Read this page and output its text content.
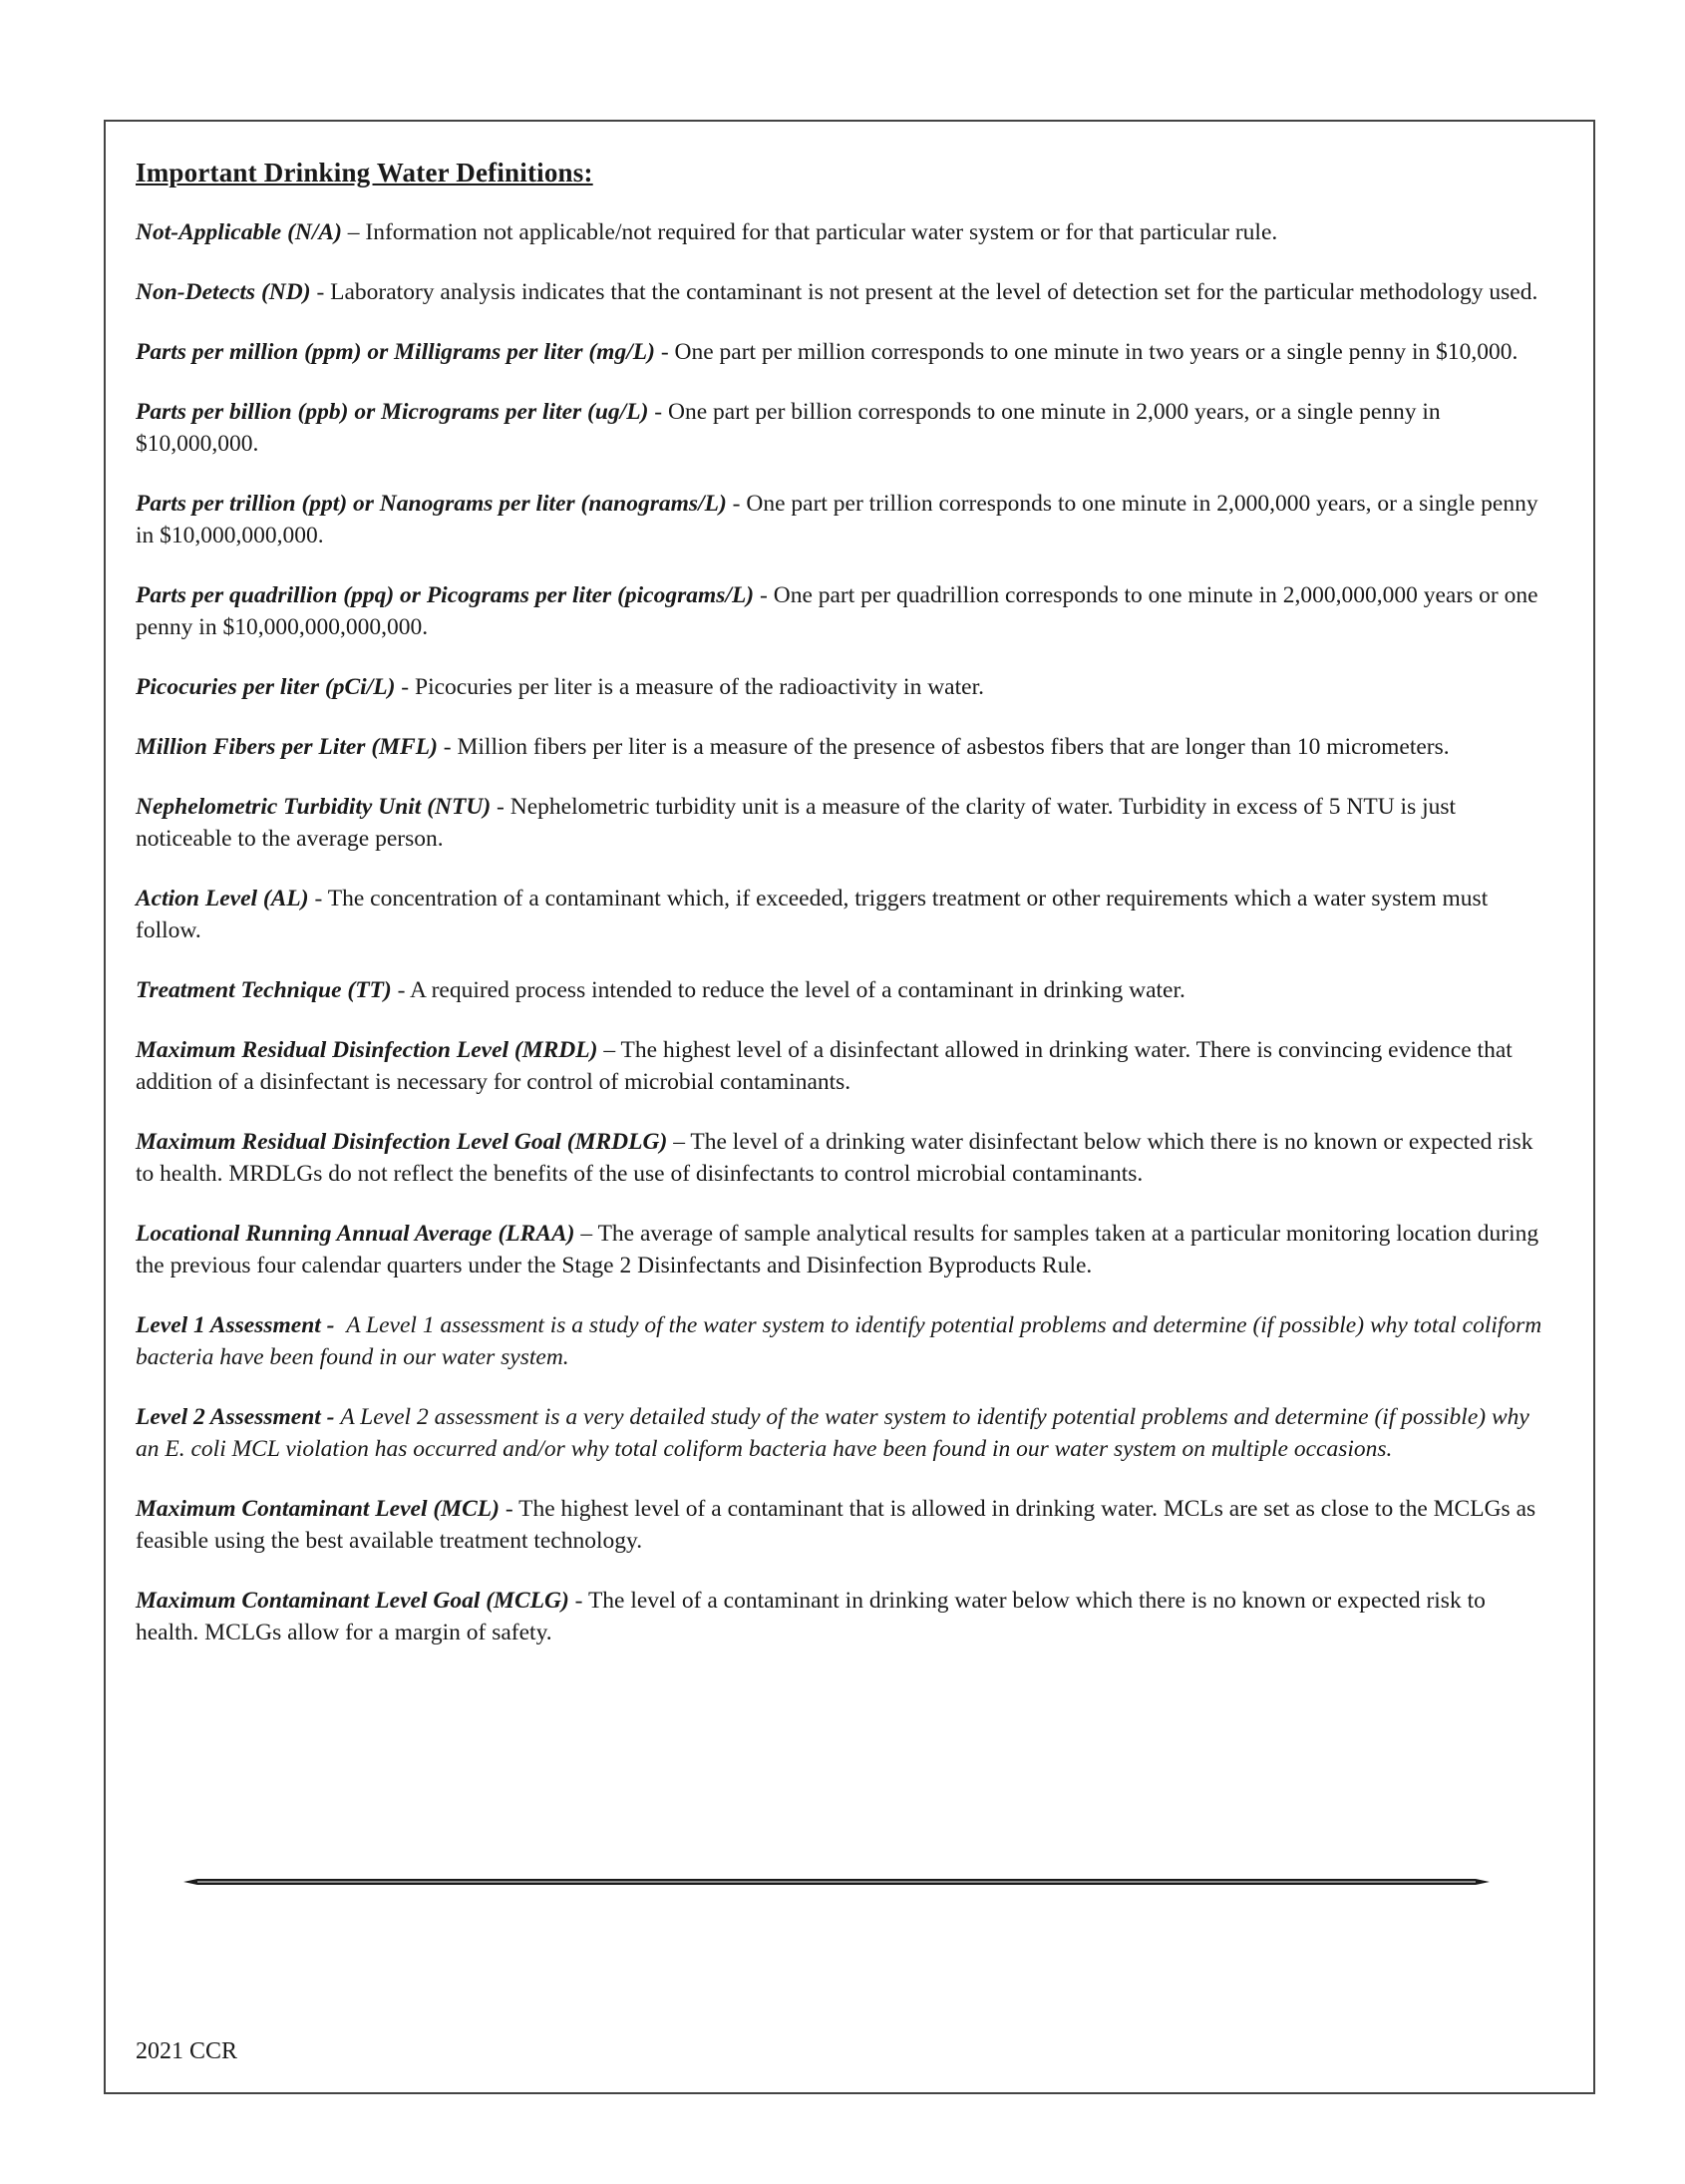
Important Drinking Water Definitions:

Not-Applicable (N/A) – Information not applicable/not required for that particular water system or for that particular rule.

Non-Detects (ND) - Laboratory analysis indicates that the contaminant is not present at the level of detection set for the particular methodology used.

Parts per million (ppm) or Milligrams per liter (mg/L) - One part per million corresponds to one minute in two years or a single penny in $10,000.

Parts per billion (ppb) or Micrograms per liter (ug/L) - One part per billion corresponds to one minute in 2,000 years, or a single penny in $10,000,000.

Parts per trillion (ppt) or Nanograms per liter (nanograms/L) - One part per trillion corresponds to one minute in 2,000,000 years, or a single penny in $10,000,000,000.

Parts per quadrillion (ppq) or Picograms per liter (picograms/L) - One part per quadrillion corresponds to one minute in 2,000,000,000 years or one penny in $10,000,000,000,000.

Picocuries per liter (pCi/L) - Picocuries per liter is a measure of the radioactivity in water.

Million Fibers per Liter (MFL) - Million fibers per liter is a measure of the presence of asbestos fibers that are longer than 10 micrometers.

Nephelometric Turbidity Unit (NTU) - Nephelometric turbidity unit is a measure of the clarity of water. Turbidity in excess of 5 NTU is just noticeable to the average person.

Action Level (AL) - The concentration of a contaminant which, if exceeded, triggers treatment or other requirements which a water system must follow.

Treatment Technique (TT) - A required process intended to reduce the level of a contaminant in drinking water.

Maximum Residual Disinfection Level (MRDL) – The highest level of a disinfectant allowed in drinking water. There is convincing evidence that addition of a disinfectant is necessary for control of microbial contaminants.

Maximum Residual Disinfection Level Goal (MRDLG) – The level of a drinking water disinfectant below which there is no known or expected risk to health. MRDLGs do not reflect the benefits of the use of disinfectants to control microbial contaminants.

Locational Running Annual Average (LRAA) – The average of sample analytical results for samples taken at a particular monitoring location during the previous four calendar quarters under the Stage 2 Disinfectants and Disinfection Byproducts Rule.

Level 1 Assessment - A Level 1 assessment is a study of the water system to identify potential problems and determine (if possible) why total coliform bacteria have been found in our water system.

Level 2 Assessment - A Level 2 assessment is a very detailed study of the water system to identify potential problems and determine (if possible) why an E. coli MCL violation has occurred and/or why total coliform bacteria have been found in our water system on multiple occasions.

Maximum Contaminant Level (MCL) - The highest level of a contaminant that is allowed in drinking water. MCLs are set as close to the MCLGs as feasible using the best available treatment technology.

Maximum Contaminant Level Goal (MCLG) - The level of a contaminant in drinking water below which there is no known or expected risk to health. MCLGs allow for a margin of safety.

2021 CCR
